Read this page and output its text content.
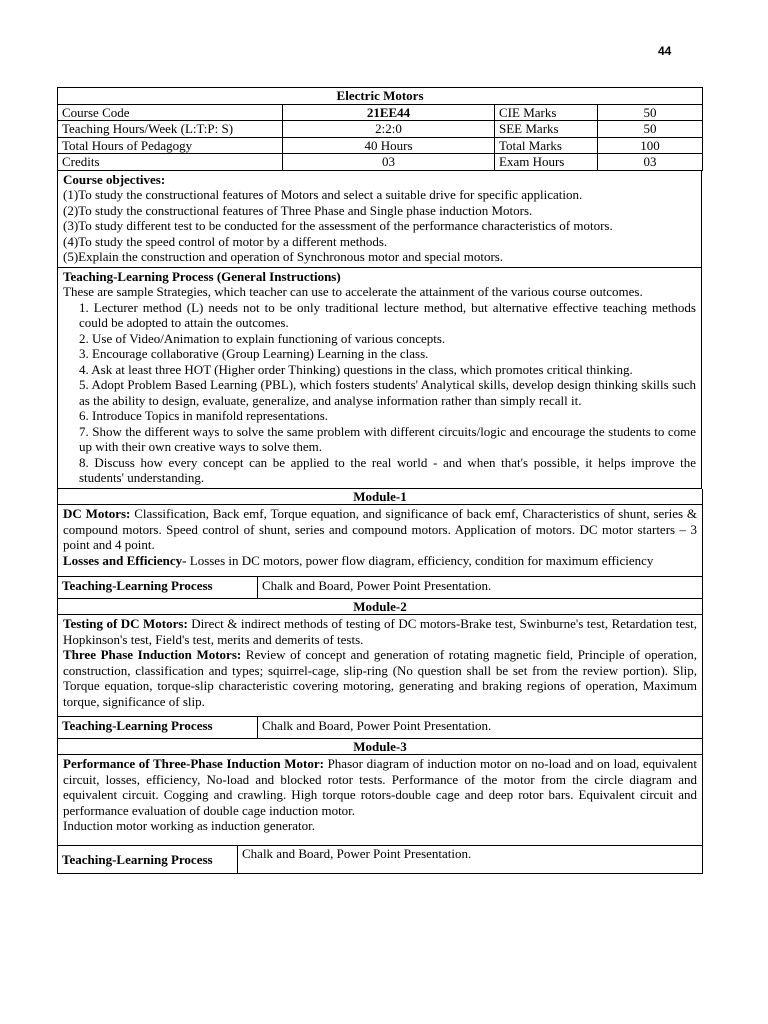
44
Electric Motors			
Course Code	21EE44	CIE Marks	50
Teaching Hours/Week (L:T:P: S)	2:2:0	SEE Marks	50
Total Hours of Pedagogy	40 Hours	Total Marks	100
Credits	03	Exam Hours	03

Course objectives:

(1)To study the constructional features of Motors and select a suitable drive for specific application.

(2)To study the constructional features of Three Phase and Single phase induction Motors.

(3)To study different test to be conducted for the assessment of the performance characteristics of motors.

(4)To study the speed control of motor by a different methods.

(5)Explain the construction and operation of Synchronous motor and special motors.

Teaching-Learning Process (General Instructions)

These are sample Strategies, which teacher can use to accelerate the attainment of the various course outcomes.

1. Lecturer method (L) needs not to be only traditional lecture method, but alternative effective teaching methods could be adopted to attain the outcomes.
2. Use of Video/Animation to explain functioning of various concepts.
3. Encourage collaborative (Group Learning) Learning in the class.
4. Ask at least three HOT (Higher order Thinking) questions in the class, which promotes critical thinking.
5. Adopt Problem Based Learning (PBL), which fosters students' Analytical skills, develop design thinking skills such as the ability to design, evaluate, generalize, and analyse information rather than simply recall it.
6. Introduce Topics in manifold representations.
7. Show the different ways to solve the same problem with different circuits/logic and encourage the students to come up with their own creative ways to solve them.
8. Discuss how every concept can be applied to the real world - and when that's possible, it helps improve the students' understanding.
Module-1

DC Motors: Classification, Back emf, Torque equation, and significance of back emf, Characteristics of shunt, series & compound motors. Speed control of shunt, series and compound motors. Application of motors. DC motor starters – 3 point and 4 point.

Losses and Efficiency- Losses in DC motors, power flow diagram, efficiency, condition for maximum efficiency

Teaching-Learning Process	Chalk and Board, Power Point Presentation.
Module-2

Testing of DC Motors: Direct & indirect methods of testing of DC motors-Brake test, Swinburne's test, Retardation test, Hopkinson's test, Field's test, merits and demerits of tests.

Three Phase Induction Motors: Review of concept and generation of rotating magnetic field, Principle of operation, construction, classification and types; squirrel-cage, slip-ring (No question shall be set from the review portion). Slip, Torque equation, torque-slip characteristic covering motoring, generating and braking regions of operation, Maximum torque, significance of slip.

Teaching-Learning Process	Chalk and Board, Power Point Presentation.
Module-3

Performance of Three-Phase Induction Motor: Phasor diagram of induction motor on no-load and on load, equivalent circuit, losses, efficiency, No-load and blocked rotor tests. Performance of the motor from the circle diagram and equivalent circuit. Cogging and crawling. High torque rotors-double cage and deep rotor bars. Equivalent circuit and performance evaluation of double cage induction motor.

Induction motor working as induction generator.

Teaching-Learning Process	Chalk and Board, Power Point Presentation.
